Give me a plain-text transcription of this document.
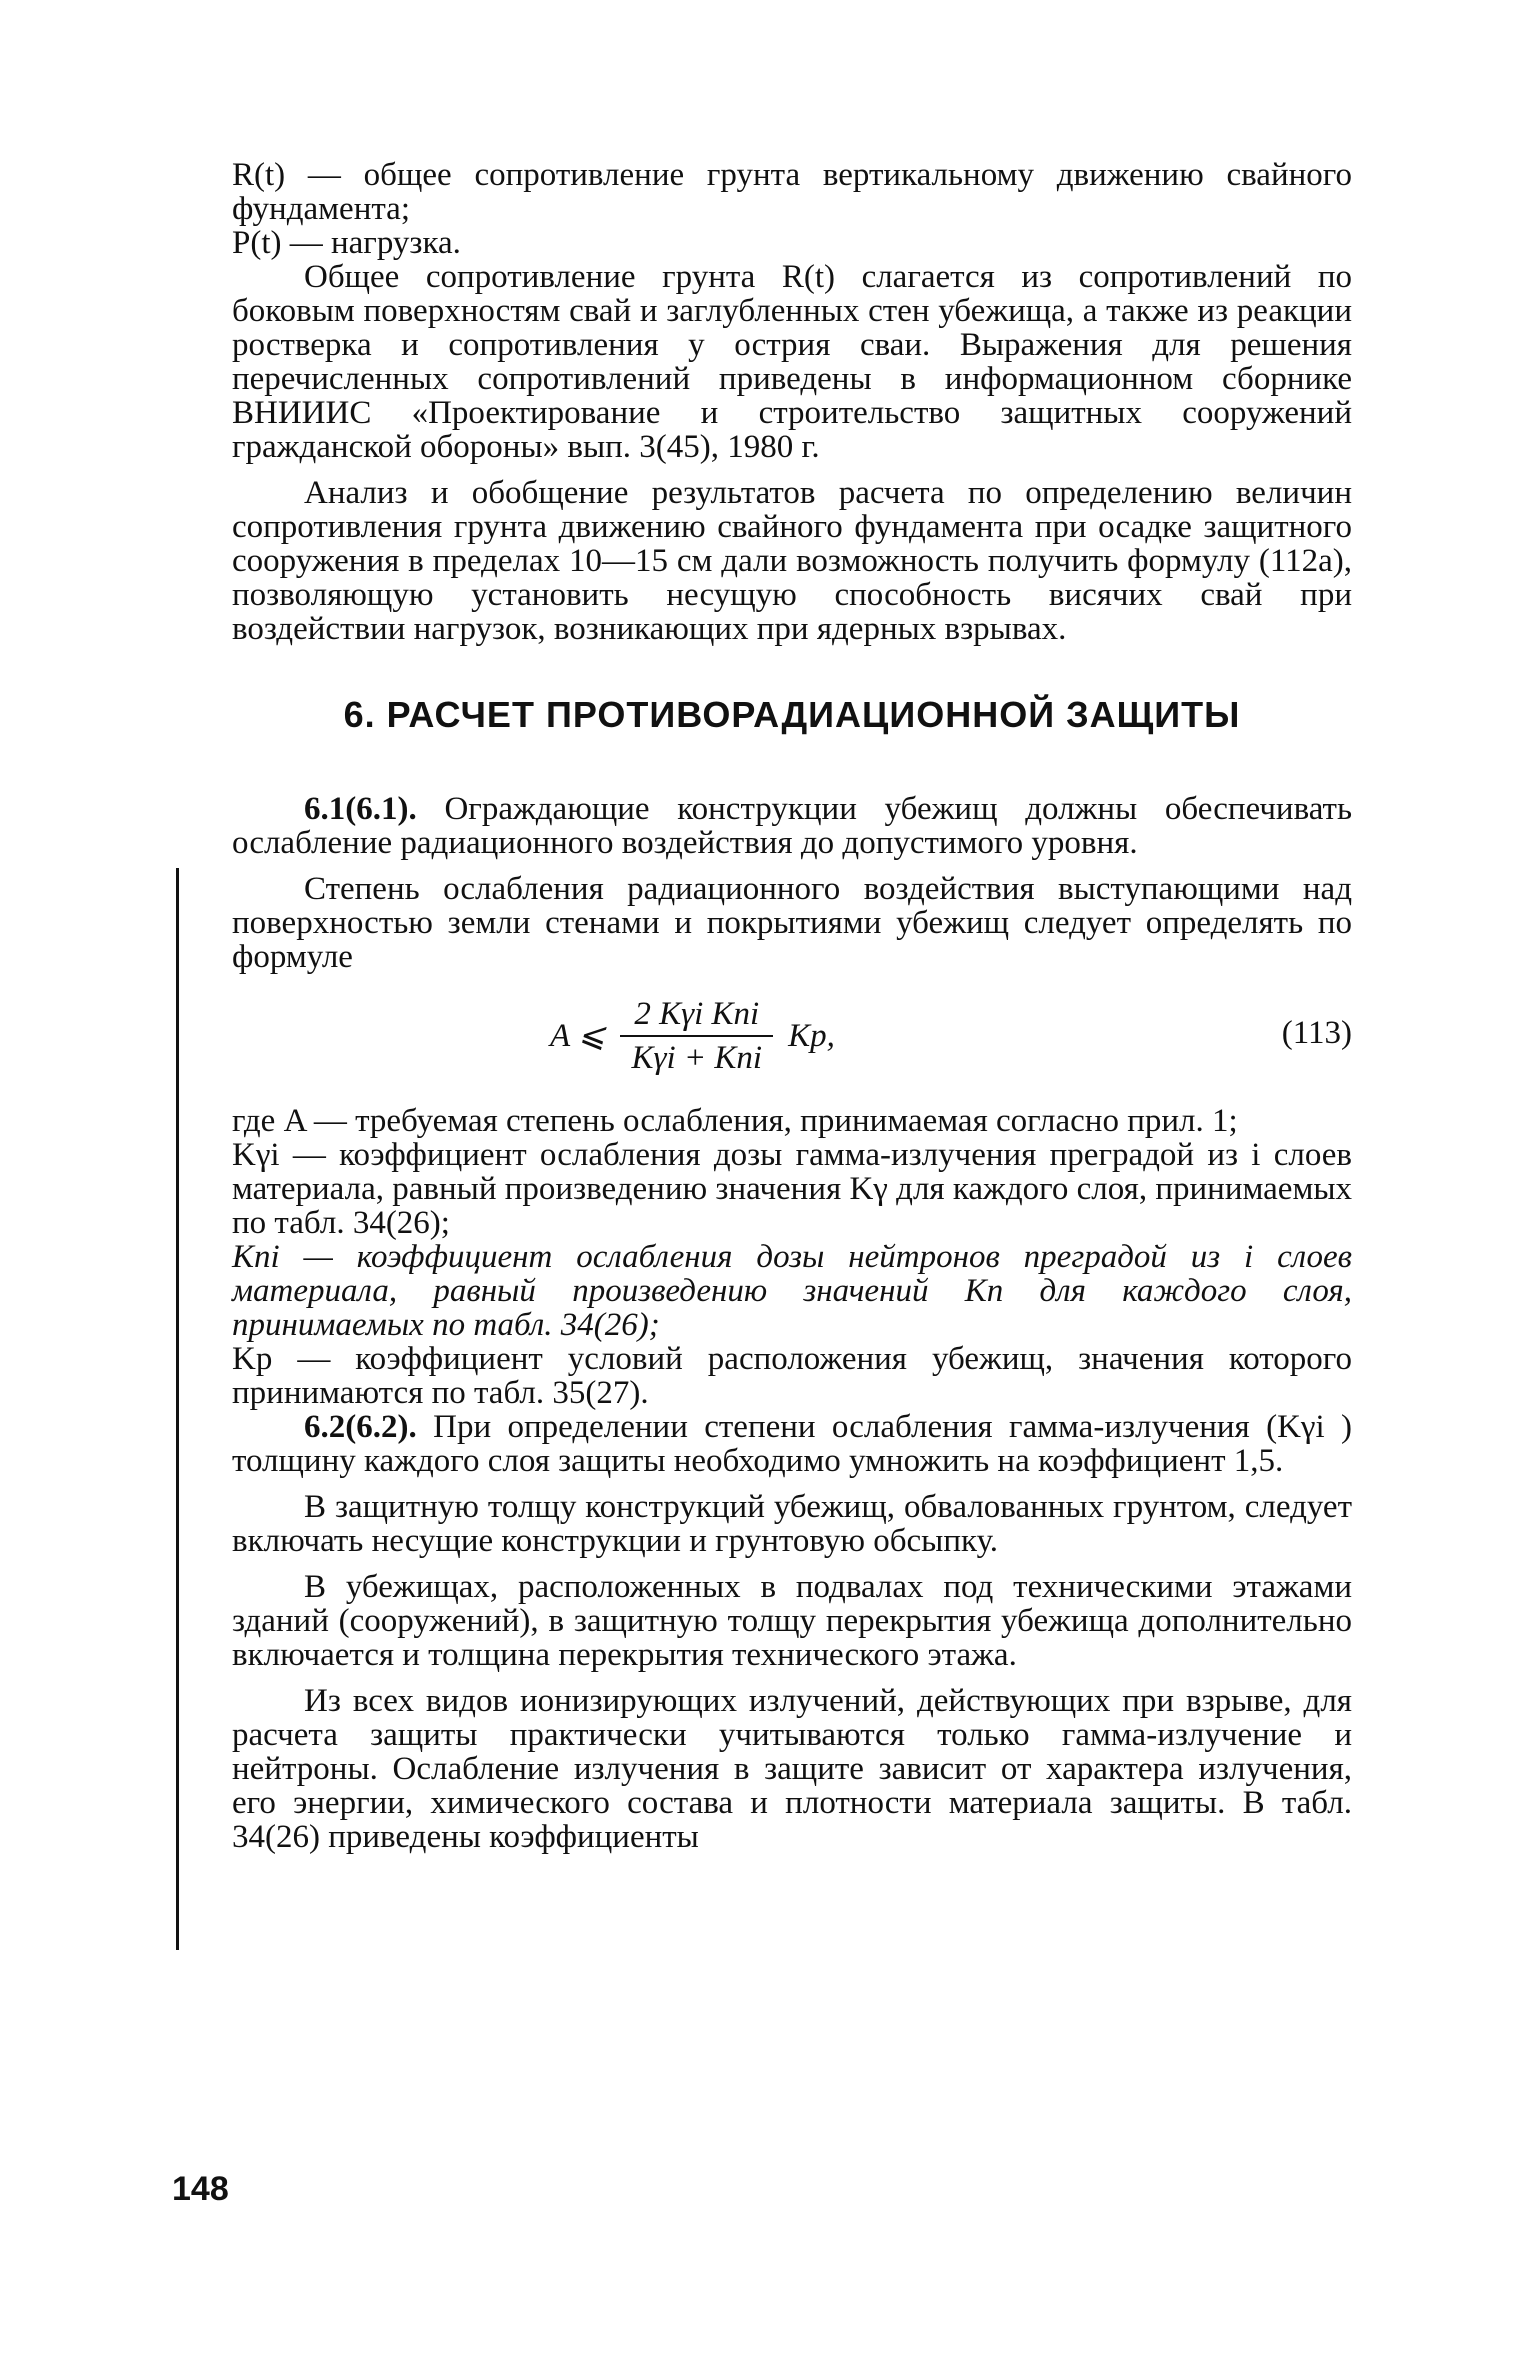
R(t) — общее сопротивление грунта вертикальному движению свайного фундамента;

P(t) — нагрузка.

Общее сопротивление грунта R(t) слагается из сопротивлений по боковым поверхностям свай и заглубленных стен убежища, а также из реакции ростверка и сопротивления у острия сваи. Выражения для решения перечисленных сопротивлений приведены в информационном сборнике ВНИИИС «Проектирование и строительство защитных сооружений гражданской обороны» вып. 3(45), 1980 г.

Анализ и обобщение результатов расчета по определению величин сопротивления грунта движению свайного фундамента при осадке защитного сооружения в пределах 10—15 см дали возможность получить формулу (112а), позволяющую установить несущую способность висячих свай при воздействии нагрузок, возникающих при ядерных взрывах.

6. РАСЧЕТ ПРОТИВОРАДИАЦИОННОЙ ЗАЩИТЫ

6.1(6.1). Ограждающие конструкции убежищ должны обеспечивать ослабление радиационного воздействия до допустимого уровня.

Степень ослабления радиационного воздействия выступающими над поверхностью земли стенами и покрытиями убежищ следует определять по формуле

A ⩽ $\frac{\text{2 Kγi Kni}}{\text{Kγi + Kni}}$ Kр,	(113)

где A — требуемая степень ослабления, принимаемая согласно прил. 1;

Kγi — коэффициент ослабления дозы гамма-излучения преградой из i слоев материала, равный произведению значения Kγ для каждого слоя, принимаемых по табл. 34(26);

Kni — коэффициент ослабления дозы нейтронов преградой из i слоев материала, равный произведению значений Kn для каждого слоя, принимаемых по табл. 34(26);

Kр — коэффициент условий расположения убежищ, значения которого принимаются по табл. 35(27).

6.2(6.2). При определении степени ослабления гамма-излучения (Kγi ) толщину каждого слоя защиты необходимо умножить на коэффициент 1,5.

В защитную толщу конструкций убежищ, обвалованных грунтом, следует включать несущие конструкции и грунтовую обсыпку.

В убежищах, расположенных в подвалах под техническими этажами зданий (сооружений), в защитную толщу перекрытия убежища дополнительно включается и толщина перекрытия технического этажа.

Из всех видов ионизирующих излучений, действующих при взрыве, для расчета защиты практически учитываются только гамма-излучение и нейтроны. Ослабление излучения в защите зависит от характера излучения, его энергии, химического состава и плотности материала защиты. В табл. 34(26) приведены коэффициенты

148
